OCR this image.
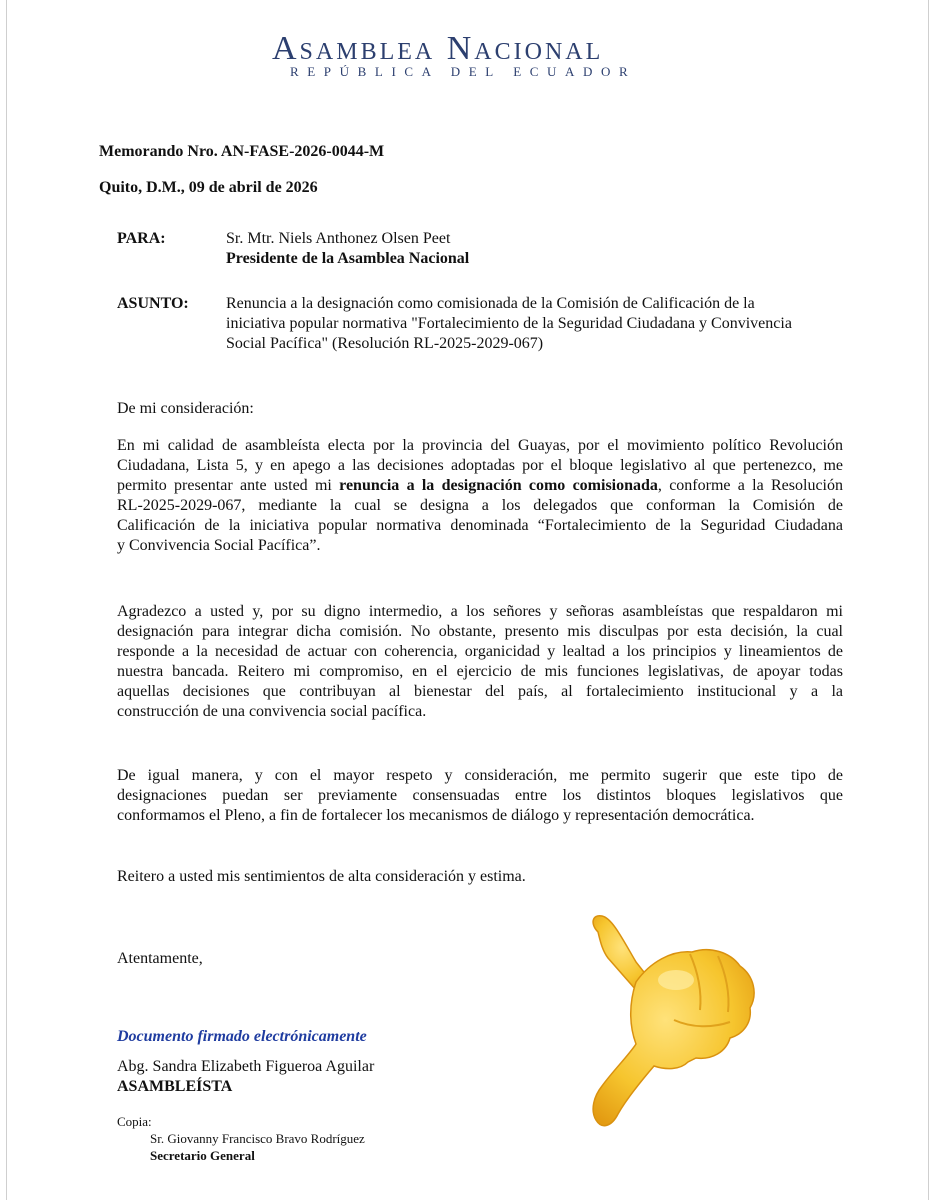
Asamblea Nacional
REPÚBLICA DEL ECUADOR
Memorando Nro. AN-FASE-2026-0044-M
Quito, D.M., 09 de abril de 2026
PARA:	Sr. Mtr. Niels Anthonez Olsen Peet
Presidente de la Asamblea Nacional
ASUNTO: Renuncia a la designación como comisionada de la Comisión de Calificación de la
iniciativa popular normativa "Fortalecimiento de la Seguridad Ciudadana y Convivencia
Social Pacífica" (Resolución RL-2025-2029-067)
De mi consideración:
En mi calidad de asambleísta electa por la provincia del Guayas, por el movimiento político Revolución
Ciudadana, Lista 5, y en apego a las decisiones adoptadas por el bloque legislativo al que pertenezco, me
permito presentar ante usted mi renuncia a la designación como comisionada, conforme a la Resolución
RL-2025-2029-067, mediante la cual se designa a los delegados que conforman la Comisión de
Calificación de la iniciativa popular normativa denominada “Fortalecimiento de la Seguridad Ciudadana
y Convivencia Social Pacífica”.
Agradezco a usted y, por su digno intermedio, a los señores y señoras asambleístas que respaldaron mi
designación para integrar dicha comisión. No obstante, presento mis disculpas por esta decisión, la cual
responde a la necesidad de actuar con coherencia, organicidad y lealtad a los principios y lineamientos de
nuestra bancada. Reitero mi compromiso, en el ejercicio de mis funciones legislativas, de apoyar todas
aquellas decisiones que contribuyan al bienestar del país, al fortalecimiento institucional y a la
construcción de una convivencia social pacífica.
De igual manera, y con el mayor respeto y consideración, me permito sugerir que este tipo de
designaciones puedan ser previamente consensuadas entre los distintos bloques legislativos que
conformamos el Pleno, a fin de fortalecer los mecanismos de diálogo y representación democrática.
Reitero a usted mis sentimientos de alta consideración y estima.
Atentamente,
Documento firmado electrónicamente
Abg. Sandra Elizabeth Figueroa Aguilar
ASAMBLEÍSTA
Copia:
Sr. Giovanny Francisco Bravo Rodríguez
Secretario General
